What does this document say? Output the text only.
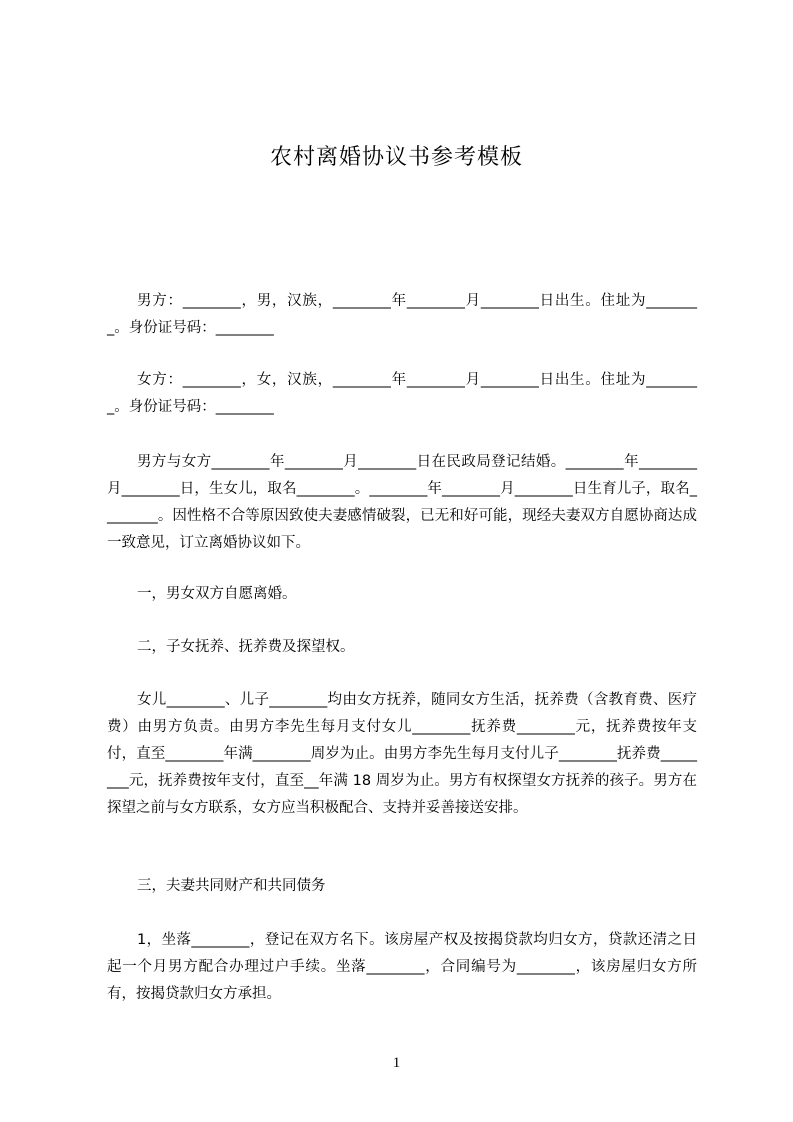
农村离婚协议书参考模板
男方：________，男，汉族，________年________月________日出生。住址为________。身份证号码：________
女方：________，女，汉族，________年________月________日出生。住址为________。身份证号码：________
男方与女方________年________月________日在民政局登记结婚。________年________月________日，生女儿，取名________。________年________月________日生育儿子，取名________。因性格不合等原因致使夫妻感情破裂，已无和好可能，现经夫妻双方自愿协商达成一致意见，订立离婚协议如下。
一，男女双方自愿离婚。
二，子女抚养、抚养费及探望权。
女儿________、儿子________均由女方抚养，随同女方生活，抚养费（含教育费、医疗费）由男方负责。由男方李先生每月支付女儿________抚养费________元，抚养费按年支付，直至________年满________周岁为止。由男方李先生每月支付儿子________抚养费________元，抚养费按年支付，直至__年满 18 周岁为止。男方有权探望女方抚养的孩子。男方在探望之前与女方联系，女方应当积极配合、支持并妥善接送安排。
三，夫妻共同财产和共同债务
1，坐落________，登记在双方名下。该房屋产权及按揭贷款均归女方，贷款还清之日起一个月男方配合办理过户手续。坐落________，合同编号为________，该房屋归女方所有，按揭贷款归女方承担。
1
